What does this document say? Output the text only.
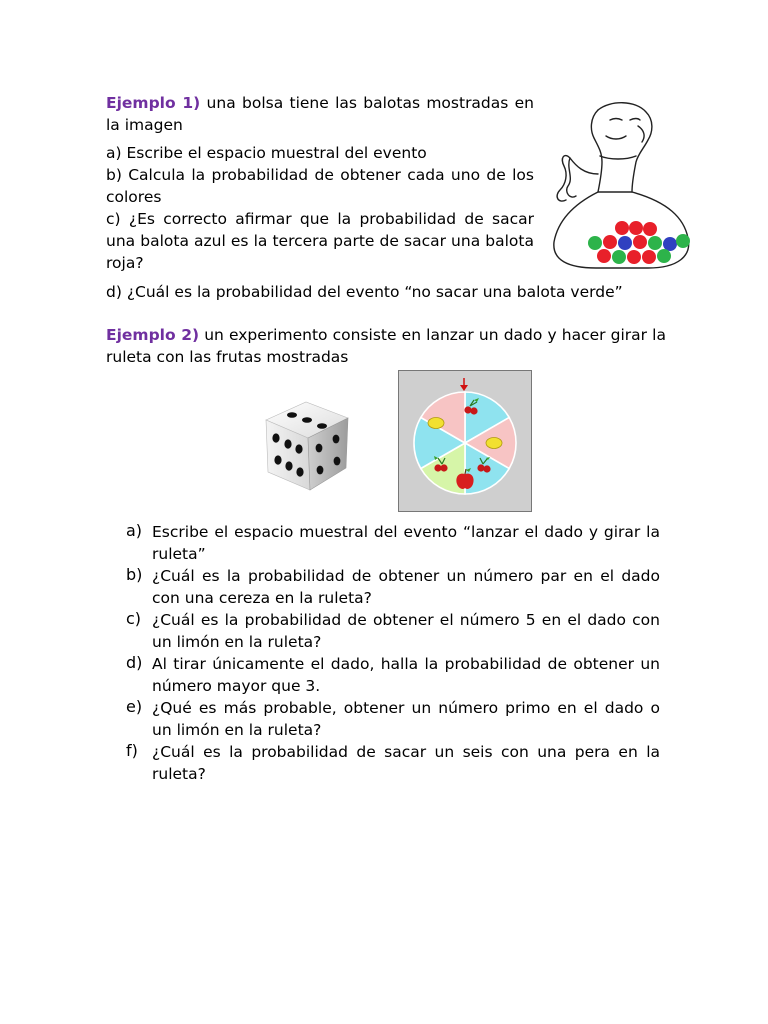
Ejemplo 1) una bolsa tiene las balotas mostradas en la imagen

a) Escribe el espacio muestral del evento

b) Calcula la probabilidad de obtener cada uno de los colores

c) ¿Es correcto afirmar que la probabilidad de sacar una balota azul es la tercera parte de sacar una balota roja?

d) ¿Cuál es la probabilidad del evento “no sacar una balota verde”

Ejemplo 2) un experimento consiste en lanzar un dado y hacer girar la ruleta con las frutas mostradas

a) Escribe el espacio muestral del evento “lanzar el dado y girar la ruleta”

b) ¿Cuál es la probabilidad de obtener un número par en el dado con una cereza en la ruleta?

c) ¿Cuál es la probabilidad de obtener el número 5 en el dado con un limón en la ruleta?

d) Al tirar únicamente el dado, halla la probabilidad de obtener un número mayor que 3.

e) ¿Qué es más probable, obtener un número primo en el dado o un limón en la ruleta?

f) ¿Cuál es la probabilidad de sacar un seis con una pera en la ruleta?
